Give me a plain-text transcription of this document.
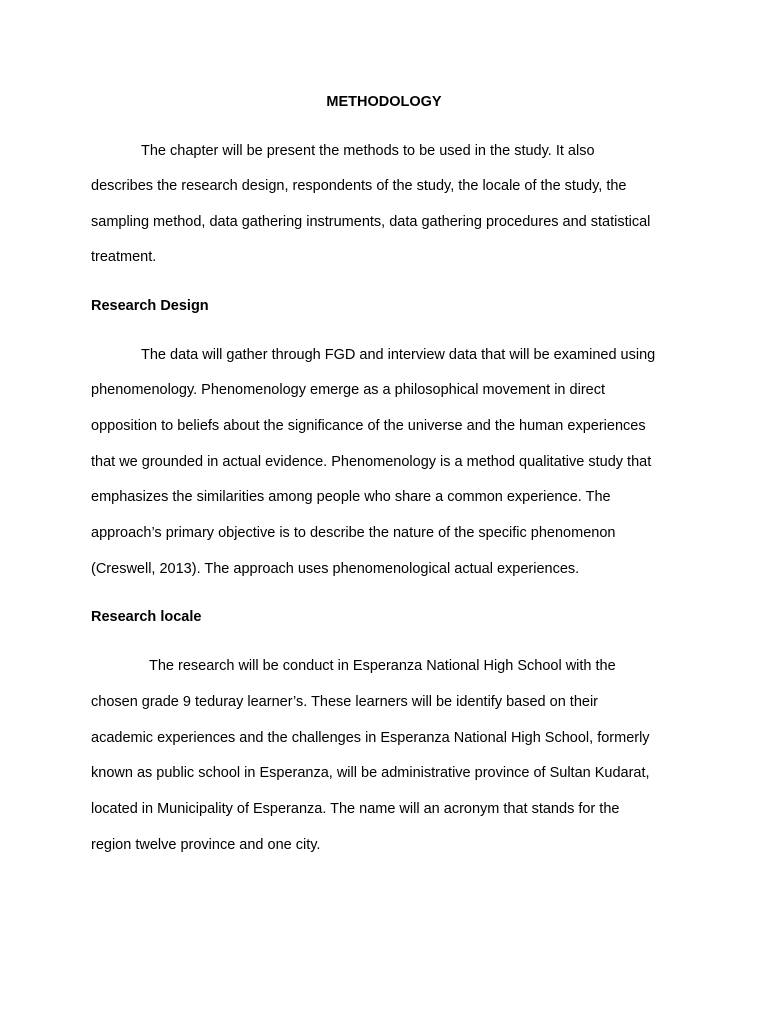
METHODOLOGY

The chapter will be present the methods to be used in the study. It also

describes the research design, respondents of the study, the locale of the study, the

sampling method, data gathering instruments, data gathering procedures and statistical

treatment.

Research Design

The data will gather through FGD and interview data that will be examined using

phenomenology. Phenomenology emerge as a philosophical movement in direct

opposition to beliefs about the significance of the universe and the human experiences

that we grounded in actual evidence. Phenomenology is a method qualitative study that

emphasizes the similarities among people who share a common experience. The

approach’s primary objective is to describe the nature of the specific phenomenon

(Creswell, 2013). The approach uses phenomenological actual experiences.

Research locale

The research will be conduct in Esperanza National High School with the

chosen grade 9 teduray learner’s. These learners will be identify based on their

academic experiences and the challenges in Esperanza National High School, formerly

known as public school in Esperanza, will be administrative province of Sultan Kudarat,

located in Municipality of Esperanza. The name will an acronym that stands for the

region twelve province and one city.
